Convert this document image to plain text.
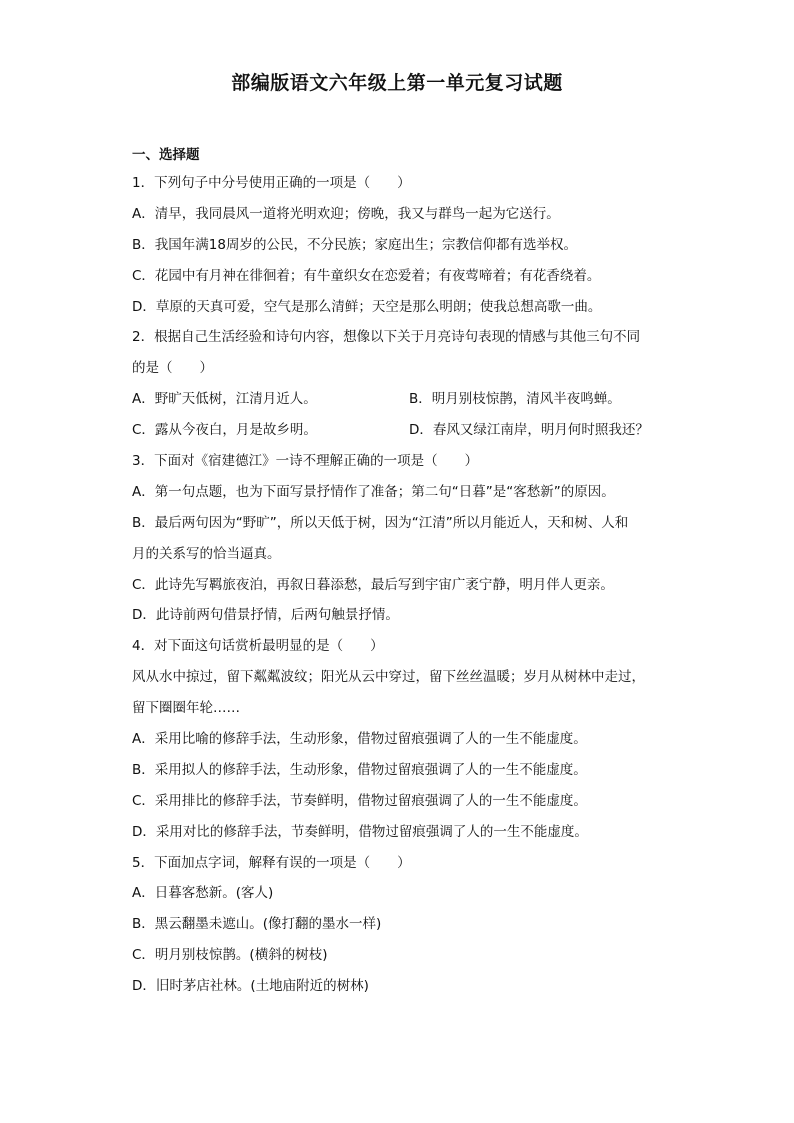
部编版语文六年级上第一单元复习试题
一、选择题
1．下列句子中分号使用正确的一项是（　　）
A．清早，我同晨风一道将光明欢迎；傍晚，我又与群鸟一起为它送行。
B．我国年满18周岁的公民，不分民族；家庭出生；宗教信仰都有选举权。
C．花园中有月神在徘徊着；有牛童织女在恋爱着；有夜莺啼着；有花香绕着。
D．草原的天真可爱，空气是那么清鲜；天空是那么明朗；使我总想高歌一曲。
2．根据自己生活经验和诗句内容，想像以下关于月亮诗句表现的情感与其他三句不同
的是（　　）
A．野旷天低树，江清月近人。	B．明月别枝惊鹊，清风半夜鸣蝉。
C．露从今夜白，月是故乡明。	D．春风又绿江南岸，明月何时照我还？
3．下面对《宿建德江》一诗不理解正确的一项是（　　）
A．第一句点题，也为下面写景抒情作了准备；第二句“日暮”是“客愁新”的原因。
B．最后两句因为“野旷”，所以天低于树，因为“江清”所以月能近人，天和树、人和
月的关系写的恰当逼真。
C．此诗先写羁旅夜泊，再叙日暮添愁，最后写到宇宙广袤宁静，明月伴人更亲。
D．此诗前两句借景抒情，后两句触景抒情。
4．对下面这句话赏析最明显的是（　　）
风从水中掠过，留下粼粼波纹；阳光从云中穿过，留下丝丝温暖；岁月从树林中走过，
留下圈圈年轮……
A．采用比喻的修辞手法，生动形象，借物过留痕强调了人的一生不能虚度。
B．采用拟人的修辞手法，生动形象，借物过留痕强调了人的一生不能虚度。
C．采用排比的修辞手法，节奏鲜明，借物过留痕强调了人的一生不能虚度。
D．采用对比的修辞手法，节奏鲜明，借物过留痕强调了人的一生不能虚度。
5．下面加点字词，解释有误的一项是（　　）
A．日暮客愁新。(客人)
B．黑云翻墨未遮山。(像打翻的墨水一样)
C．明月别枝惊鹊。(横斜的树枝)
D．旧时茅店社林。(土地庙附近的树林)
